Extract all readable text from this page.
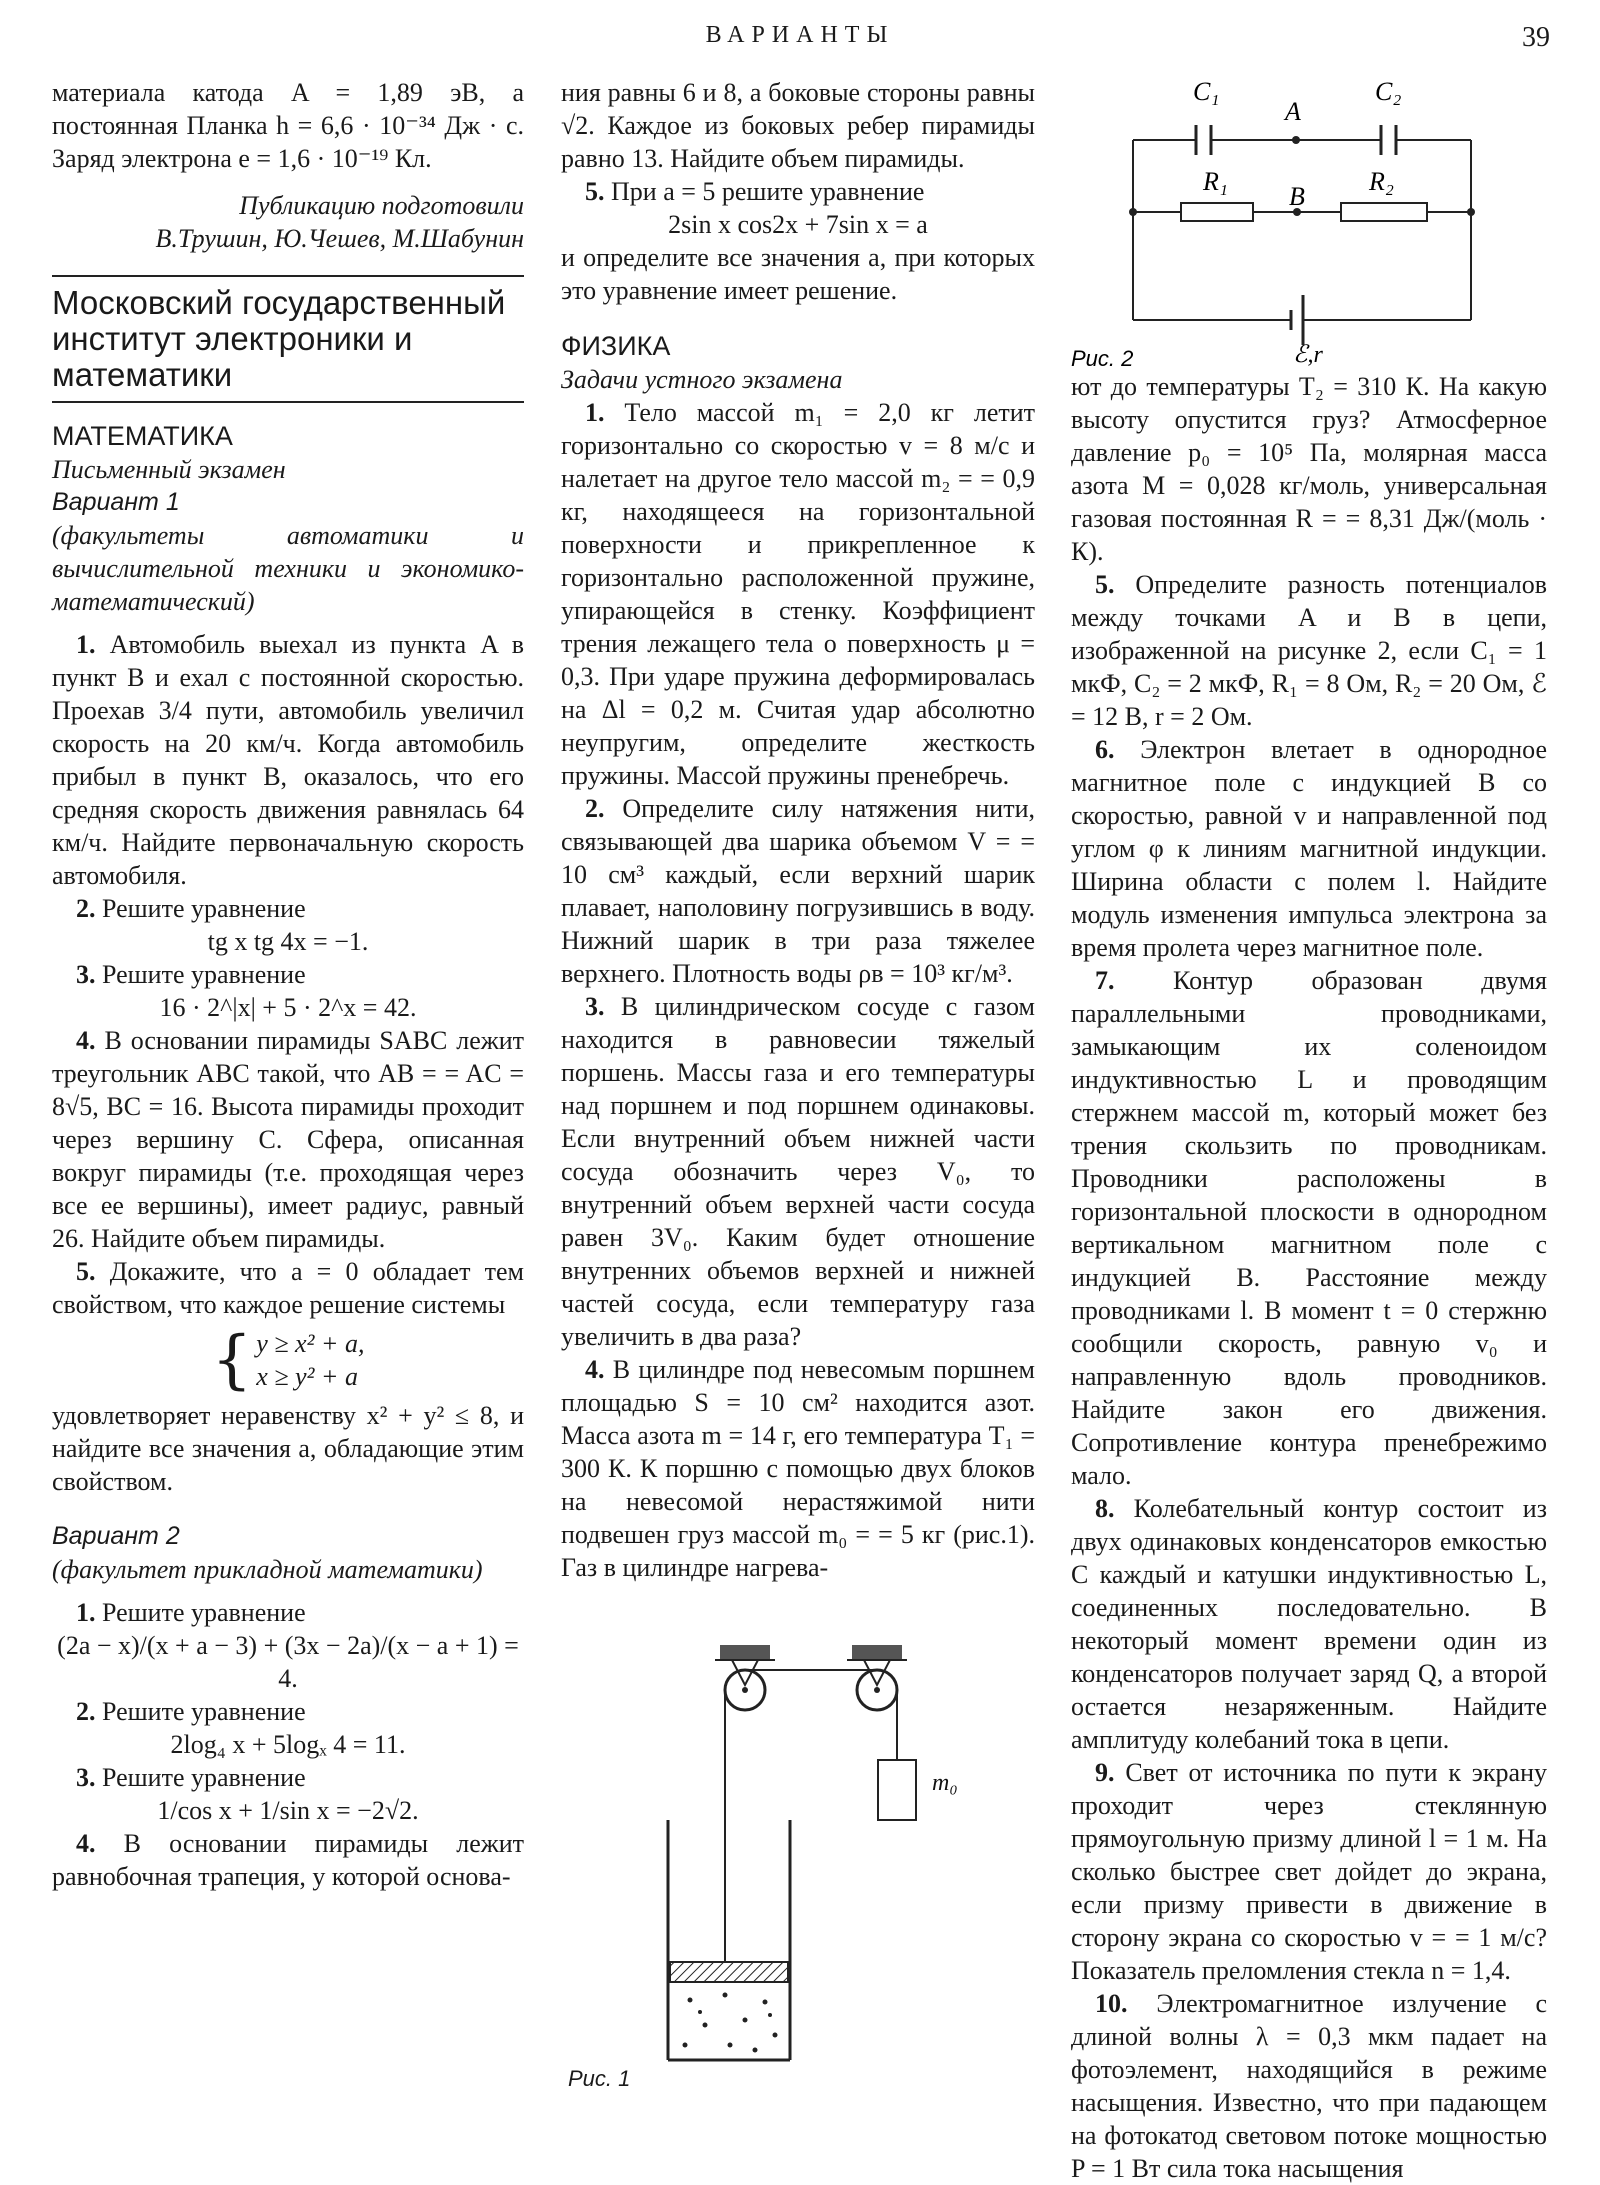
ВАРИАНТЫ	39

материала катода A = 1,89 эВ, а постоянная Планка h = 6,6 · 10⁻³⁴ Дж · с. Заряд электрона e = 1,6 · 10⁻¹⁹ Кл.

Публикацию подготовили

В.Трушин, Ю.Чешев, М.Шабунин

Московский государственный институт электроники и математики

МАТЕМАТИКА

Письменный экзамен

Вариант 1

(факультеты автоматики и вычислительной техники и экономико-математический)

1. Автомобиль выехал из пункта A в пункт B и ехал с постоянной скоростью. Проехав 3/4 пути, автомобиль увеличил скорость на 20 км/ч. Когда автомобиль прибыл в пункт B, оказалось, что его средняя скорость движения равнялась 64 км/ч. Найдите первоначальную скорость автомобиля.

2. Решите уравнение

tg x tg 4x = −1.

3. Решите уравнение

16 · 2^|x| + 5 · 2^x = 42.

4. В основании пирамиды SABC лежит треугольник ABC такой, что AB = = AC = 8√5, BC = 16. Высота пирамиды проходит через вершину C. Сфера, описанная вокруг пирамиды (т.е. проходящая через все ее вершины), имеет радиус, равный 26. Найдите объем пирамиды.

5. Докажите, что a = 0 обладает тем свойством, что каждое решение системы

{ y ≥ x² + a,
x ≥ y² + a

удовлетворяет неравенству x² + y² ≤ 8, и найдите все значения a, обладающие этим свойством.

Вариант 2

(факультет прикладной математики)

1. Решите уравнение

(2a − x)/(x + a − 3) + (3x − 2a)/(x − a + 1) = 4.

2. Решите уравнение

2log₄ x + 5logₓ 4 = 11.

3. Решите уравнение

1/cos x + 1/sin x = −2√2.

4. В основании пирамиды лежит равнобочная трапеция, у которой основа-

ния равны 6 и 8, а боковые стороны равны √2. Каждое из боковых ребер пирамиды равно 13. Найдите объем пирамиды.

5. При a = 5 решите уравнение

2sin x cos2x + 7sin x = a

и определите все значения a, при которых это уравнение имеет решение.

ФИЗИКА

Задачи устного экзамена

1. Тело массой m₁ = 2,0 кг летит горизонтально со скоростью v = 8 м/с и налетает на другое тело массой m₂ = = 0,9 кг, находящееся на горизонтальной поверхности и прикрепленное к горизонтально расположенной пружине, упирающейся в стенку. Коэффициент трения лежащего тела о поверхность μ = 0,3. При ударе пружина деформировалась на Δl = 0,2 м. Считая удар абсолютно неупругим, определите жесткость пружины. Массой пружины пренебречь.

2. Определите силу натяжения нити, связывающей два шарика объемом V = = 10 см³ каждый, если верхний шарик плавает, наполовину погрузившись в воду. Нижний шарик в три раза тяжелее верхнего. Плотность воды ρв = 10³ кг/м³.

3. В цилиндрическом сосуде с газом находится в равновесии тяжелый поршень. Массы газа и его температуры над поршнем и под поршнем одинаковы. Если внутренний объем нижней части сосуда обозначить через V₀, то внутренний объем верхней части сосуда равен 3V₀. Каким будет отношение внутренних объемов верхней и нижней частей сосуда, если температуру газа увеличить в два раза?

4. В цилиндре под невесомым поршнем площадью S = 10 см² находится азот. Масса азота m = 14 г, его температура T₁ = 300 К. К поршню с помощью двух блоков на невесомой нерастяжимой нити подвешен груз массой m₀ = = 5 кг (рис.1). Газ в цилиндре нагрева-

m₀
Рис. 1
C₁
A
C₂
R₁
B
R₂
ℰ,r
Рис. 2

ют до температуры T₂ = 310 К. На какую высоту опустится груз? Атмосферное давление p₀ = 10⁵ Па, молярная масса азота M = 0,028 кг/моль, универсальная газовая постоянная R = = 8,31 Дж/(моль · К).

5. Определите разность потенциалов между точками A и B в цепи, изображенной на рисунке 2, если C₁ = 1 мкФ, C₂ = 2 мкФ, R₁ = 8 Ом, R₂ = 20 Ом, ℰ = 12 В, r = 2 Ом.

6. Электрон влетает в однородное магнитное поле с индукцией B со скоростью, равной v и направленной под углом φ к линиям магнитной индукции. Ширина области с полем l. Найдите модуль изменения импульса электрона за время пролета через магнитное поле.

7. Контур образован двумя параллельными проводниками, замыкающим их соленоидом индуктивностью L и проводящим стержнем массой m, который может без трения скользить по проводникам. Проводники расположены в горизонтальной плоскости в однородном вертикальном магнитном поле с индукцией B. Расстояние между проводниками l. В момент t = 0 стержню сообщили скорость, равную v₀ и направленную вдоль проводников. Найдите закон его движения. Сопротивление контура пренебрежимо мало.

8. Колебательный контур состоит из двух одинаковых конденсаторов емкостью C каждый и катушки индуктивностью L, соединенных последовательно. В некоторый момент времени один из конденсаторов получает заряд Q, а второй остается незаряженным. Найдите амплитуду колебаний тока в цепи.

9. Свет от источника по пути к экрану проходит через стеклянную прямоугольную призму длиной l = 1 м. На сколько быстрее свет дойдет до экрана, если призму привести в движение в сторону экрана со скоростью v = = 1 м/с? Показатель преломления стекла n = 1,4.

10. Электромагнитное излучение с длиной волны λ = 0,3 мкм падает на фотоэлемент, находящийся в режиме насыщения. Известно, что при падающем на фотокатод световом потоке мощностью P = 1 Вт сила тока насыщения
